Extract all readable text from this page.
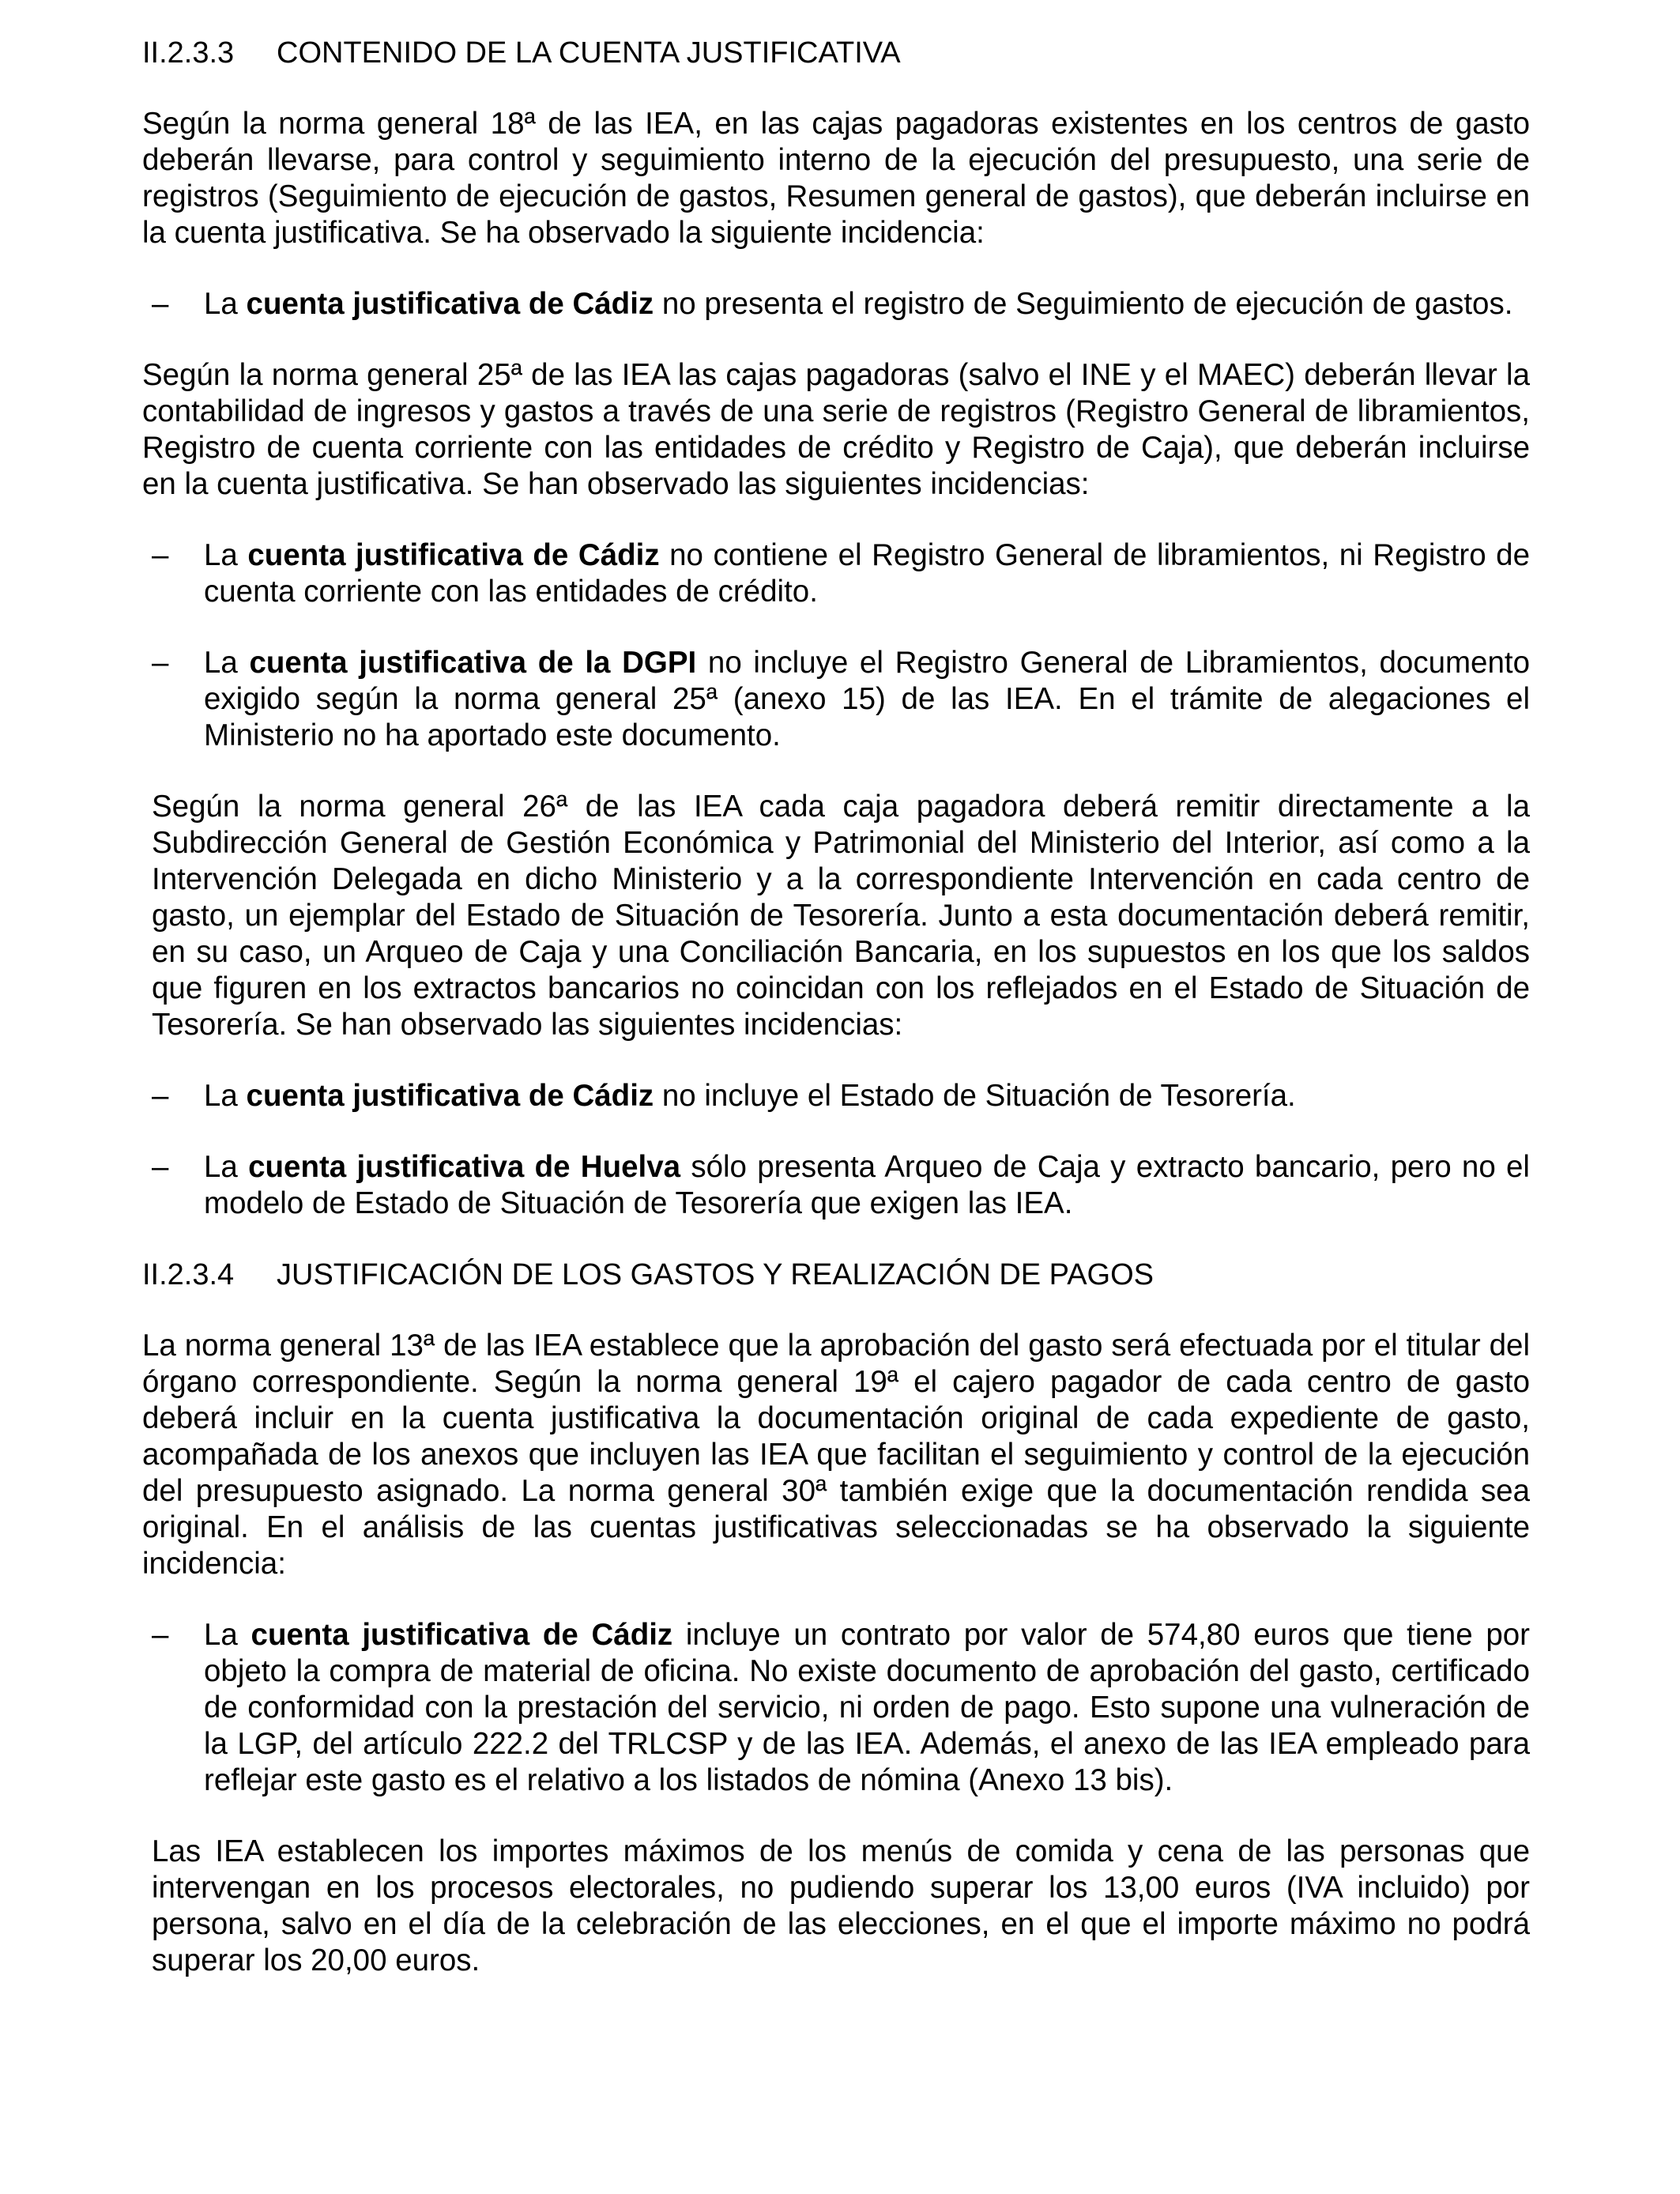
II.2.3.3 CONTENIDO DE LA CUENTA JUSTIFICATIVA

Según la norma general 18ª de las IEA, en las cajas pagadoras existentes en los centros de gasto deberán llevarse, para control y seguimiento interno de la ejecución del presupuesto, una serie de registros (Seguimiento de ejecución de gastos, Resumen general de gastos), que deberán incluirse en la cuenta justificativa. Se ha observado la siguiente incidencia:

– La cuenta justificativa de Cádiz no presenta el registro de Seguimiento de ejecución de gastos.

Según la norma general 25ª de las IEA las cajas pagadoras (salvo el INE y el MAEC) deberán llevar la contabilidad de ingresos y gastos a través de una serie de registros (Registro General de libramientos, Registro de cuenta corriente con las entidades de crédito y Registro de Caja), que deberán incluirse en la cuenta justificativa. Se han observado las siguientes incidencias:

– La cuenta justificativa de Cádiz no contiene el Registro General de libramientos, ni Registro de cuenta corriente con las entidades de crédito.
– La cuenta justificativa de la DGPI no incluye el Registro General de Libramientos, documento exigido según la norma general 25ª (anexo 15) de las IEA. En el trámite de alegaciones el Ministerio no ha aportado este documento.

Según la norma general 26ª de las IEA cada caja pagadora deberá remitir directamente a la Subdirección General de Gestión Económica y Patrimonial del Ministerio del Interior, así como a la Intervención Delegada en dicho Ministerio y a la correspondiente Intervención en cada centro de gasto, un ejemplar del Estado de Situación de Tesorería. Junto a esta documentación deberá remitir, en su caso, un Arqueo de Caja y una Conciliación Bancaria, en los supuestos en los que los saldos que figuren en los extractos bancarios no coincidan con los reflejados en el Estado de Situación de Tesorería. Se han observado las siguientes incidencias:

– La cuenta justificativa de Cádiz no incluye el Estado de Situación de Tesorería.
– La cuenta justificativa de Huelva sólo presenta Arqueo de Caja y extracto bancario, pero no el modelo de Estado de Situación de Tesorería que exigen las IEA.
II.2.3.4 JUSTIFICACIÓN DE LOS GASTOS Y REALIZACIÓN DE PAGOS

La norma general 13ª de las IEA establece que la aprobación del gasto será efectuada por el titular del órgano correspondiente. Según la norma general 19ª el cajero pagador de cada centro de gasto deberá incluir en la cuenta justificativa la documentación original de cada expediente de gasto, acompañada de los anexos que incluyen las IEA que facilitan el seguimiento y control de la ejecución del presupuesto asignado. La norma general 30ª también exige que la documentación rendida sea original. En el análisis de las cuentas justificativas seleccionadas se ha observado la siguiente incidencia:

– La cuenta justificativa de Cádiz incluye un contrato por valor de 574,80 euros que tiene por objeto la compra de material de oficina. No existe documento de aprobación del gasto, certificado de conformidad con la prestación del servicio, ni orden de pago. Esto supone una vulneración de la LGP, del artículo 222.2 del TRLCSP y de las IEA. Además, el anexo de las IEA empleado para reflejar este gasto es el relativo a los listados de nómina (Anexo 13 bis).

Las IEA establecen los importes máximos de los menús de comida y cena de las personas que intervengan en los procesos electorales, no pudiendo superar los 13,00 euros (IVA incluido) por persona, salvo en el día de la celebración de las elecciones, en el que el importe máximo no podrá superar los 20,00 euros.
